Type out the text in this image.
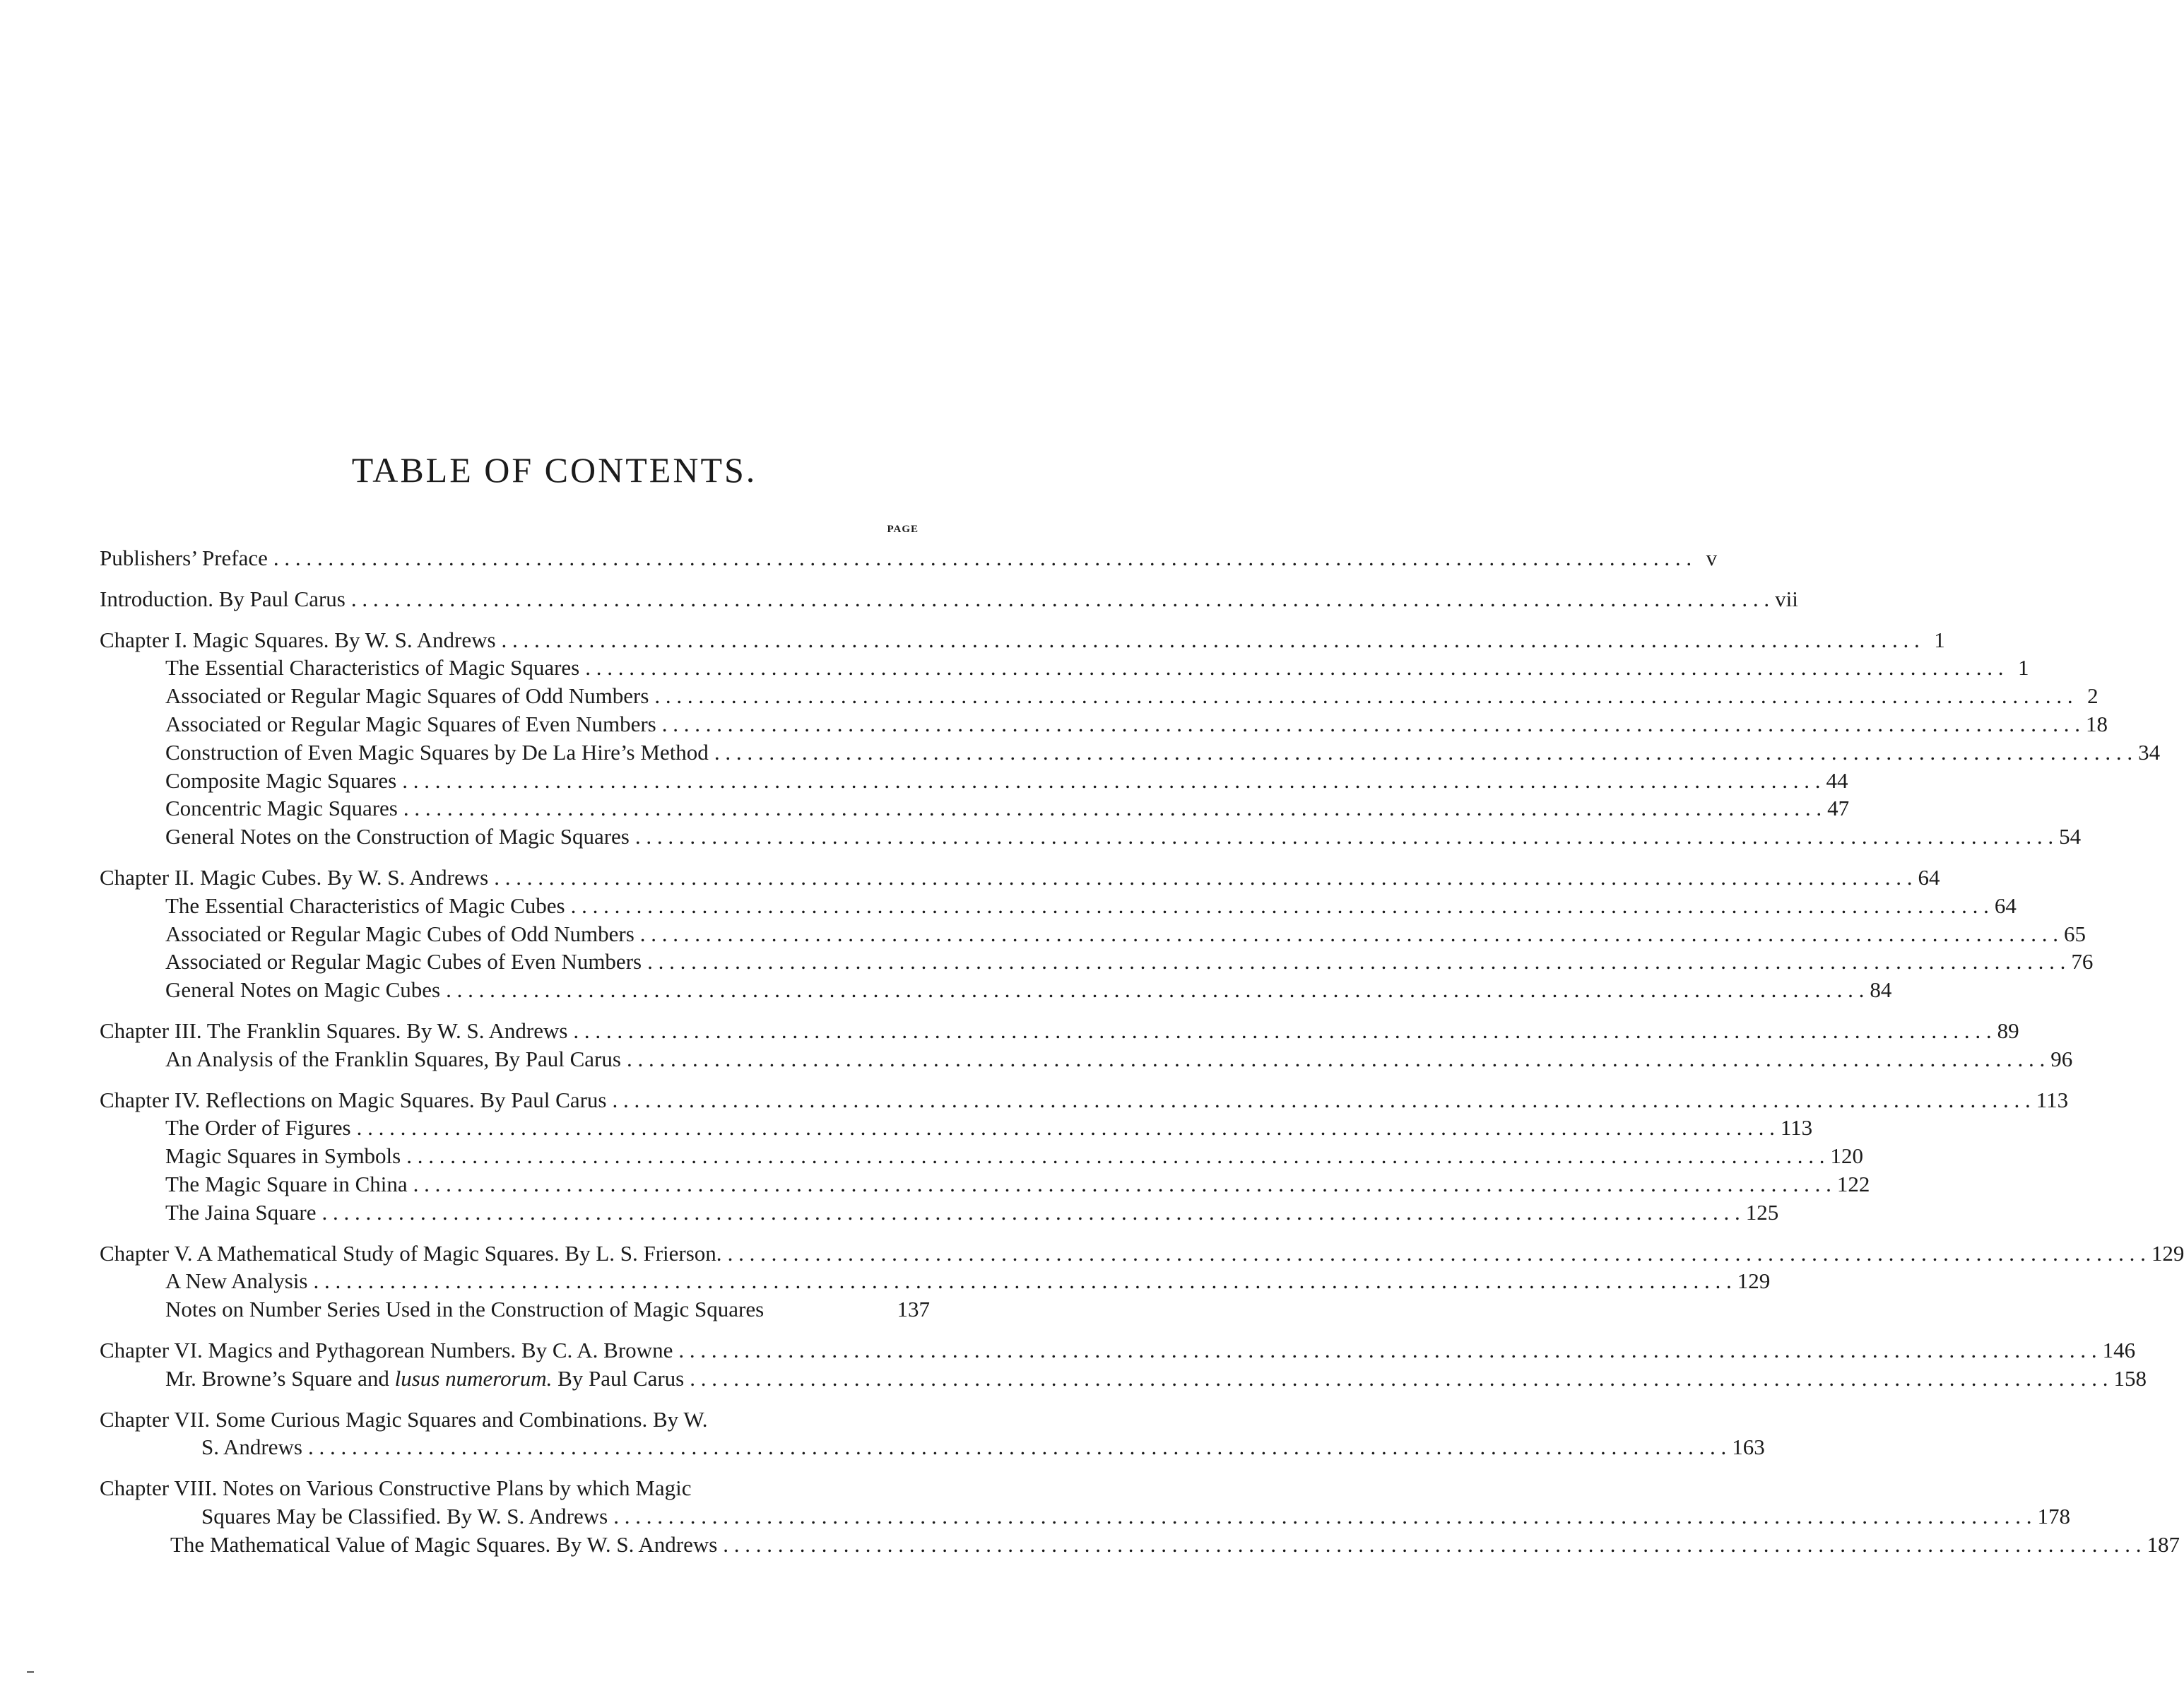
TABLE OF CONTENTS.
PAGE
Publishers’ Preface . . .	v
Introduction. By Paul Carus . . .	vii
Chapter I. Magic Squares. By W. S. Andrews . . .	1
The Essential Characteristics of Magic Squares . . .	1
Associated or Regular Magic Squares of Odd Numbers . . .	2
Associated or Regular Magic Squares of Even Numbers . . .	18
Construction of Even Magic Squares by De La Hire’s Method . . .	34
Composite Magic Squares . . .	44
Concentric Magic Squares . . .	47
General Notes on the Construction of Magic Squares . . .	54
Chapter II. Magic Cubes. By W. S. Andrews . . .	64
The Essential Characteristics of Magic Cubes . . .	64
Associated or Regular Magic Cubes of Odd Numbers . . .	65
Associated or Regular Magic Cubes of Even Numbers . . .	76
General Notes on Magic Cubes . . .	84
Chapter III. The Franklin Squares. By W. S. Andrews . . .	89
An Analysis of the Franklin Squares, By Paul Carus . . .	96
Chapter IV. Reflections on Magic Squares. By Paul Carus . . .	113
The Order of Figures . . .	113
Magic Squares in Symbols . . .	120
The Magic Square in China . . .	122
The Jaina Square . . .	125
Chapter V. A Mathematical Study of Magic Squares. By L. S. Frierson. . . .	129
A New Analysis . . .	129
Notes on Number Series Used in the Construction of Magic Squares	137
Chapter VI. Magics and Pythagorean Numbers. By C. A. Browne . . .	146
Mr. Browne’s Square and lusus numerorum. By Paul Carus . . .	158
Chapter VII. Some Curious Magic Squares and Combinations. By W.
S. Andrews . . .	163
Chapter VIII. Notes on Various Constructive Plans by which Magic
Squares May be Classified. By W. S. Andrews . . .	178
The Mathematical Value of Magic Squares. By W. S. Andrews . . .	187
